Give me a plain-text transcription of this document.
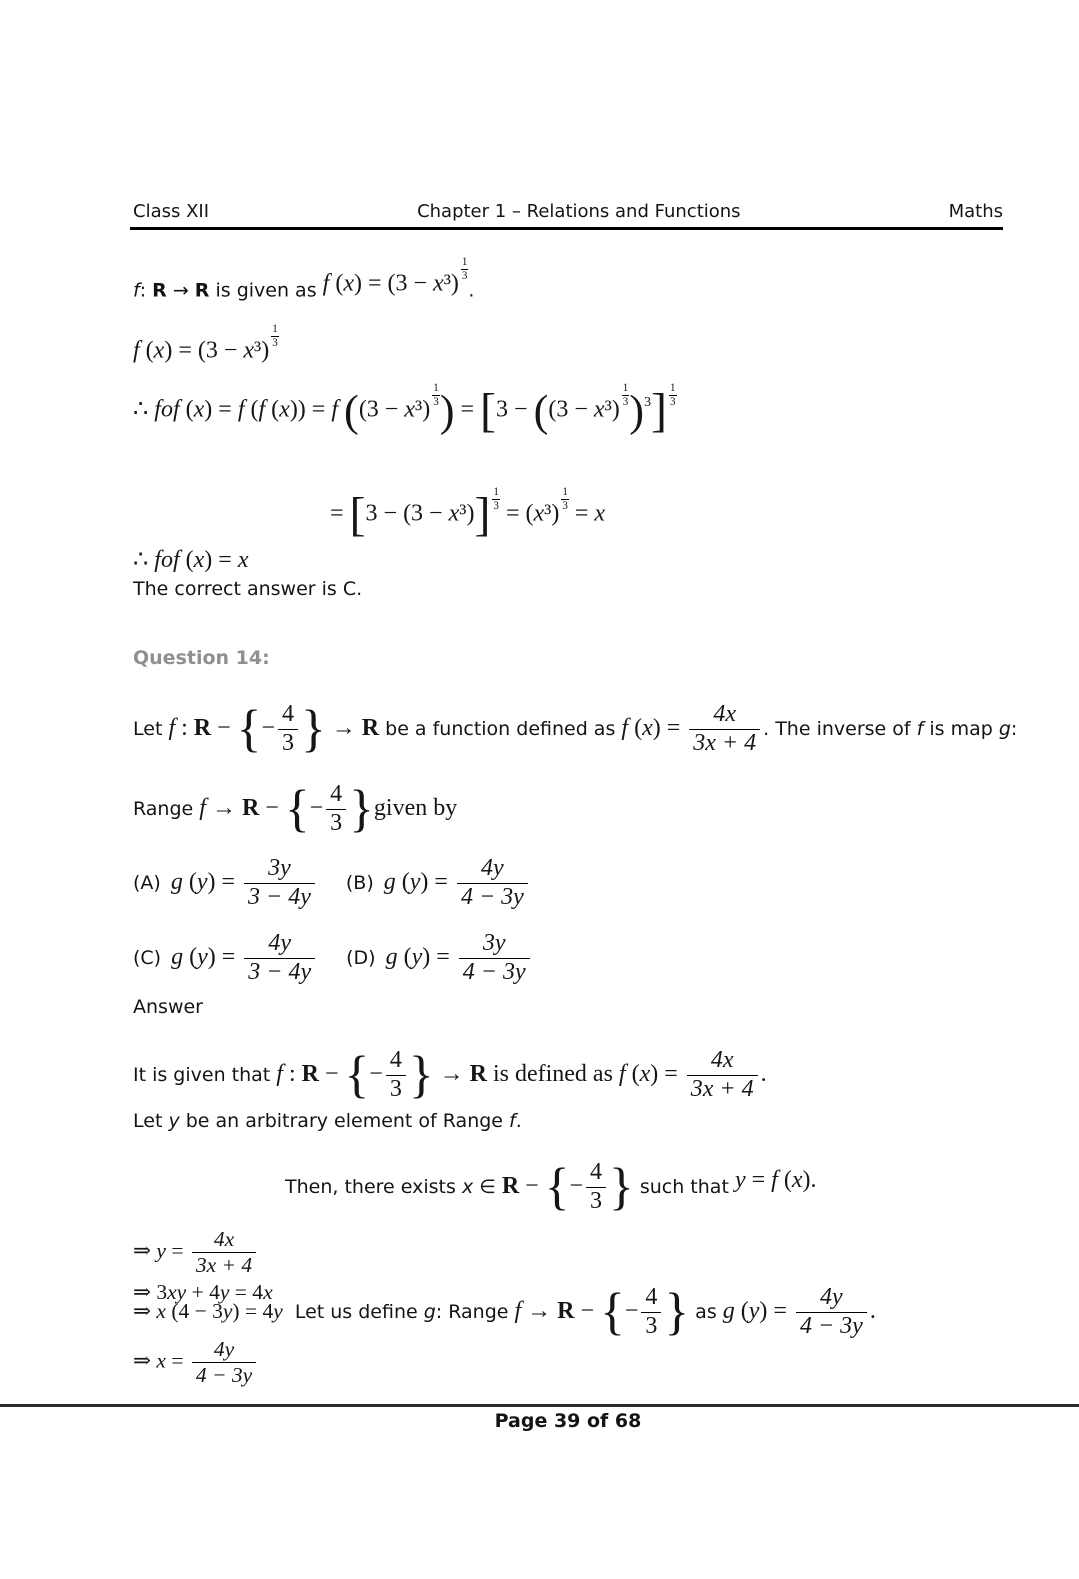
Class XII	Chapter 1 – Relations and Functions	Maths
f: R → R is given as f (x) = (3 − x³)
$\frac{1}{3}$
.
f (x) = (3 − x³)
$\frac{1}{3}$
∴ fof (x) = f (f (x)) = f ((3 − x³)
$\frac{1}{3}$ ) = [3 − ((3 − x³)
$\frac{1}{3} )^3] \frac{1}{3}$
= $[3 - (3 - x^3)] \frac{1}{3}$
= (x³)
$\frac{1}{3}$
= x
∴ fof (x) = x
The correct answer is C.
Question 14:
Let f : R − {− $\frac{4}{3}$ } → R be a function defined as f $(x) = \frac{4x}{3x + 4}$ . The inverse of f is map g:
Range f → R − {− $\frac{4}{3}$ }given by
(A) g $(y) = \frac{3y}{3 - 4y} (B)$ g $(y) = \frac{4y}{4 - 3y}$
(C) g $(y) = \frac{4y}{3 - 4y} (D)$ g $(y) = \frac{3y}{4 - 3y}$
Answer
It is given that f : R − {− $\frac{4}{3}$ } → R is defined as f $(x) = \frac{4x}{3x + 4}$ .
Let y be an arbitrary element of Range f.
Then, there exists x ∈ R − {− $\frac{4}{3}$ } such that y = f (x).
⇒ $y = \frac{4x}{3x + 4}$
⇒ 3xy + 4y = 4x
⇒ x (4 − 3y) = 4y  Let us define g: Range f → R − {− $\frac{4}{3}$ } as g $(y) = \frac{4y}{4 - 3y}$ .
⇒ $x = \frac{4y}{4 - 3y}$
Page 39 of 68
